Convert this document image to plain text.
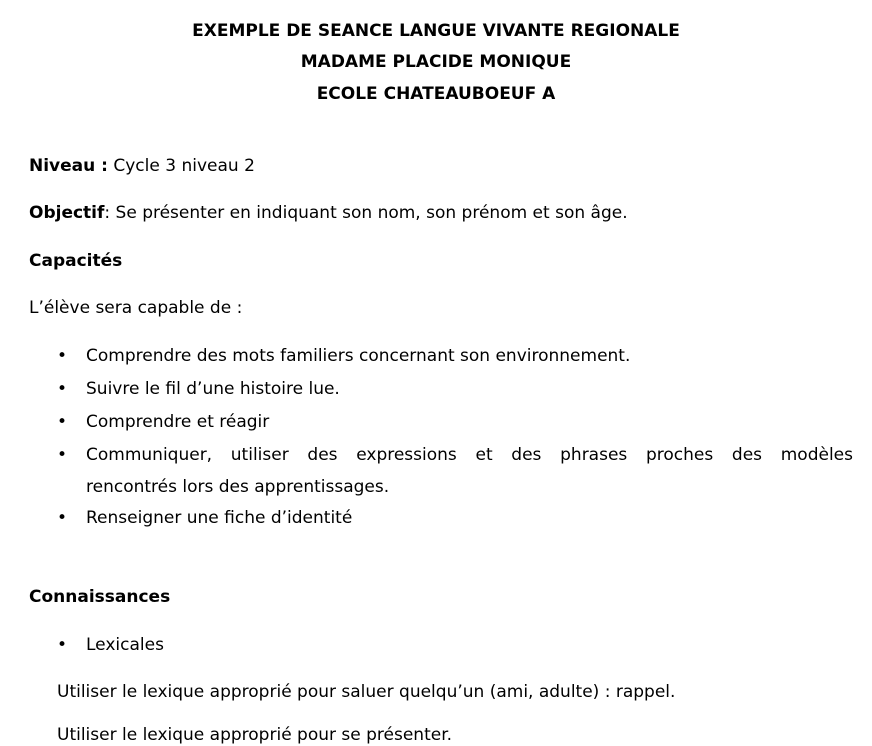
EXEMPLE DE SEANCE LANGUE VIVANTE REGIONALE
MADAME PLACIDE MONIQUE
ECOLE CHATEAUBOEUF A
Niveau : Cycle 3 niveau 2
Objectif: Se présenter en indiquant son nom, son prénom et son âge.
Capacités
L’élève sera capable de :
• Comprendre des mots familiers concernant son environnement.
• Suivre le fil d’une histoire lue.
• Comprendre et réagir
• Communiquer, utiliser des expressions et des phrases proches des modèles
rencontrés lors des apprentissages.
• Renseigner une fiche d’identité
Connaissances
• Lexicales
Utiliser le lexique approprié pour saluer quelqu’un (ami, adulte) : rappel.
Utiliser le lexique approprié pour se présenter.
